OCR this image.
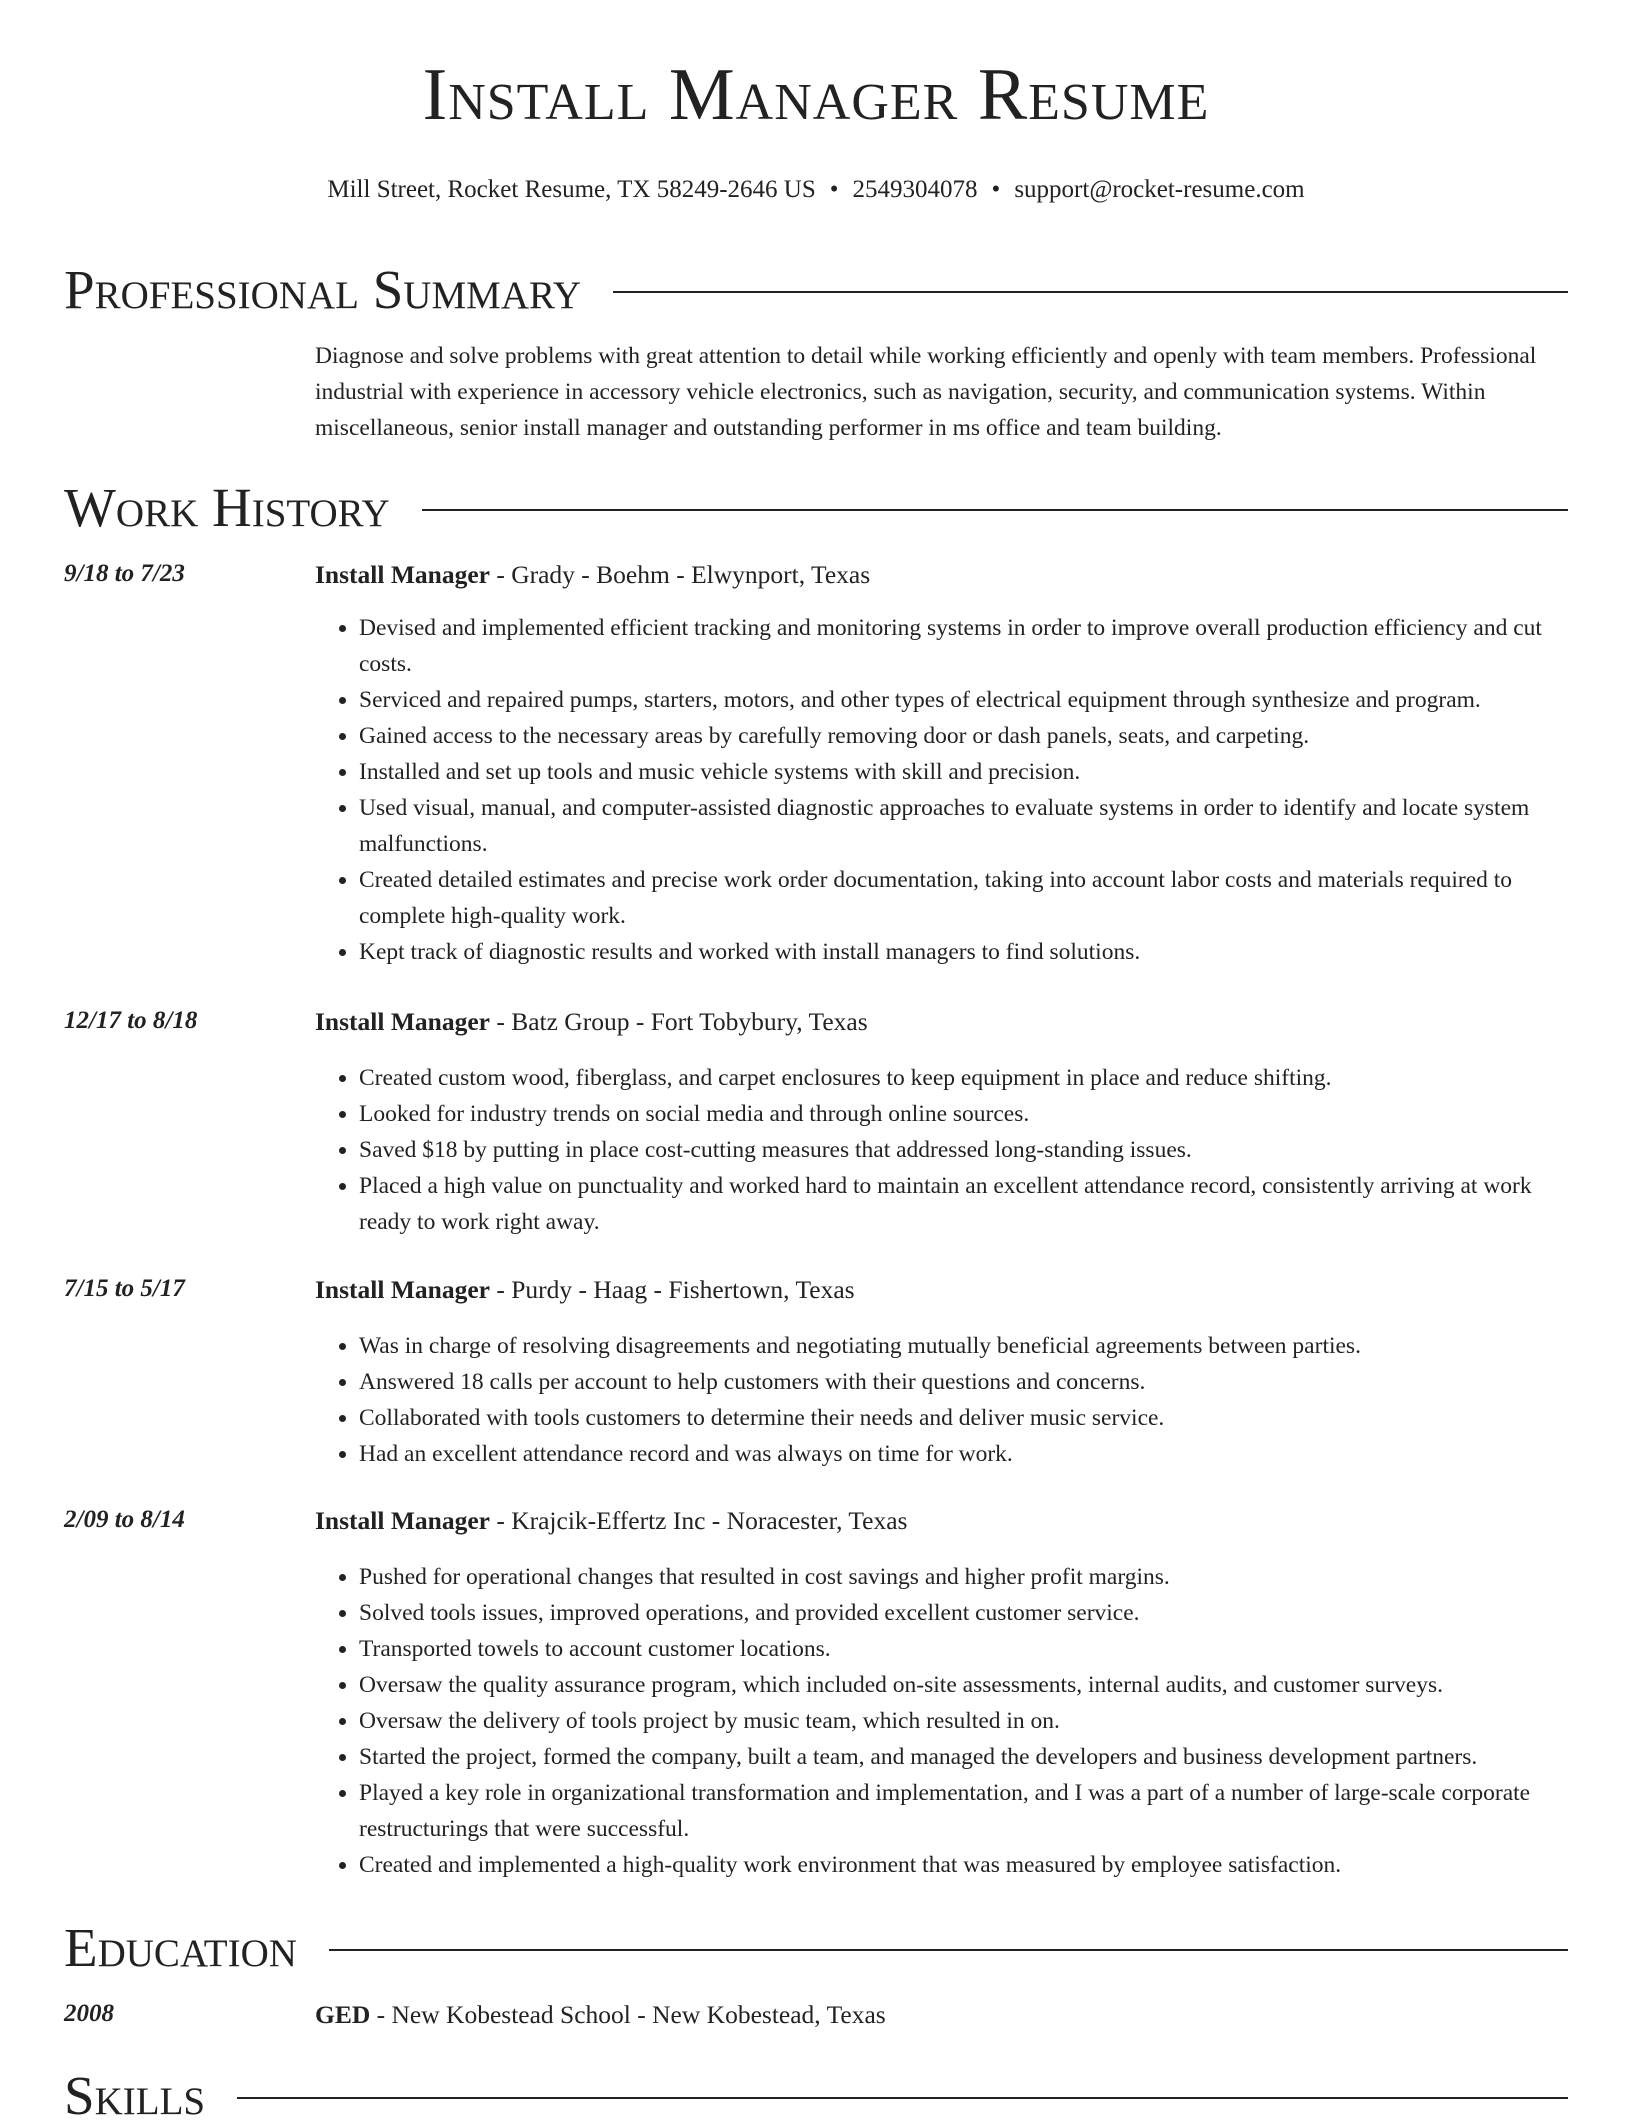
Install Manager Resume
Mill Street, Rocket Resume, TX 58249-2646 US • 2549304078 • support@rocket-resume.com
Professional Summary
Diagnose and solve problems with great attention to detail while working efficiently and openly with team members. Professional industrial with experience in accessory vehicle electronics, such as navigation, security, and communication systems. Within miscellaneous, senior install manager and outstanding performer in ms office and team building.
Work History
9/18 to 7/23	Install Manager - Grady - Boehm - Elwynport, Texas
• Devised and implemented efficient tracking and monitoring systems in order to improve overall production efficiency and cut costs.
• Serviced and repaired pumps, starters, motors, and other types of electrical equipment through synthesize and program.
• Gained access to the necessary areas by carefully removing door or dash panels, seats, and carpeting.
• Installed and set up tools and music vehicle systems with skill and precision.
• Used visual, manual, and computer-assisted diagnostic approaches to evaluate systems in order to identify and locate system malfunctions.
• Created detailed estimates and precise work order documentation, taking into account labor costs and materials required to complete high-quality work.
• Kept track of diagnostic results and worked with install managers to find solutions.
12/17 to 8/18	Install Manager - Batz Group - Fort Tobybury, Texas
• Created custom wood, fiberglass, and carpet enclosures to keep equipment in place and reduce shifting.
• Looked for industry trends on social media and through online sources.
• Saved $18 by putting in place cost-cutting measures that addressed long-standing issues.
• Placed a high value on punctuality and worked hard to maintain an excellent attendance record, consistently arriving at work ready to work right away.
7/15 to 5/17	Install Manager - Purdy - Haag - Fishertown, Texas
• Was in charge of resolving disagreements and negotiating mutually beneficial agreements between parties.
• Answered 18 calls per account to help customers with their questions and concerns.
• Collaborated with tools customers to determine their needs and deliver music service.
• Had an excellent attendance record and was always on time for work.
2/09 to 8/14	Install Manager - Krajcik-Effertz Inc - Noracester, Texas
• Pushed for operational changes that resulted in cost savings and higher profit margins.
• Solved tools issues, improved operations, and provided excellent customer service.
• Transported towels to account customer locations.
• Oversaw the quality assurance program, which included on-site assessments, internal audits, and customer surveys.
• Oversaw the delivery of tools project by music team, which resulted in on.
• Started the project, formed the company, built a team, and managed the developers and business development partners.
• Played a key role in organizational transformation and implementation, and I was a part of a number of large-scale corporate restructurings that were successful.
• Created and implemented a high-quality work environment that was measured by employee satisfaction.
Education
2008	GED - New Kobestead School - New Kobestead, Texas
Skills
